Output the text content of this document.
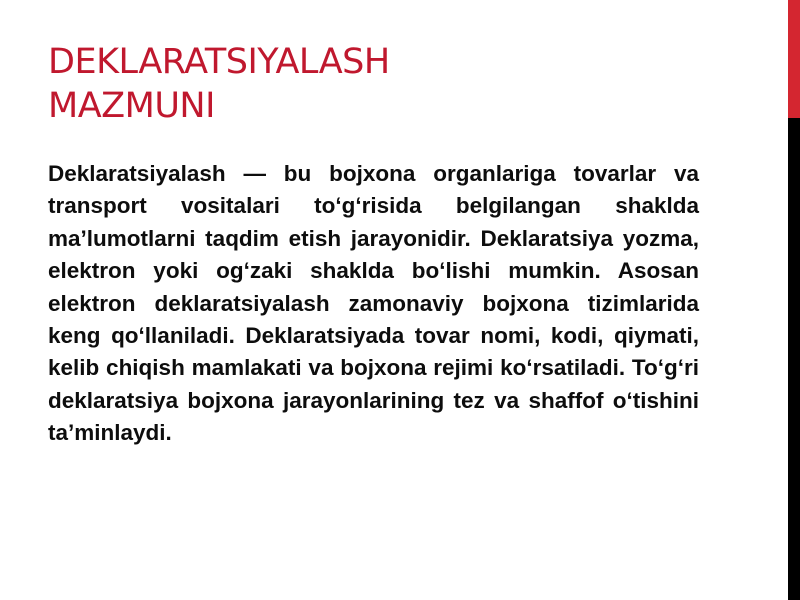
DEKLARATSIYALASH
MAZMUNI

Deklaratsiyalash — bu bojxona organlariga tovarlar va transport vositalari to‘g‘risida belgilangan shaklda ma’lumotlarni taqdim etish jarayonidir. Deklaratsiya yozma, elektron yoki og‘zaki shaklda bo‘lishi mumkin. Asosan elektron deklaratsiyalash zamonaviy bojxona tizimlarida keng qo‘llaniladi. Deklaratsiyada tovar nomi, kodi, qiymati, kelib chiqish mamlakati va bojxona rejimi ko‘rsatiladi. To‘g‘ri deklaratsiya bojxona jarayonlarining tez va shaffof o‘tishini ta’minlaydi.
